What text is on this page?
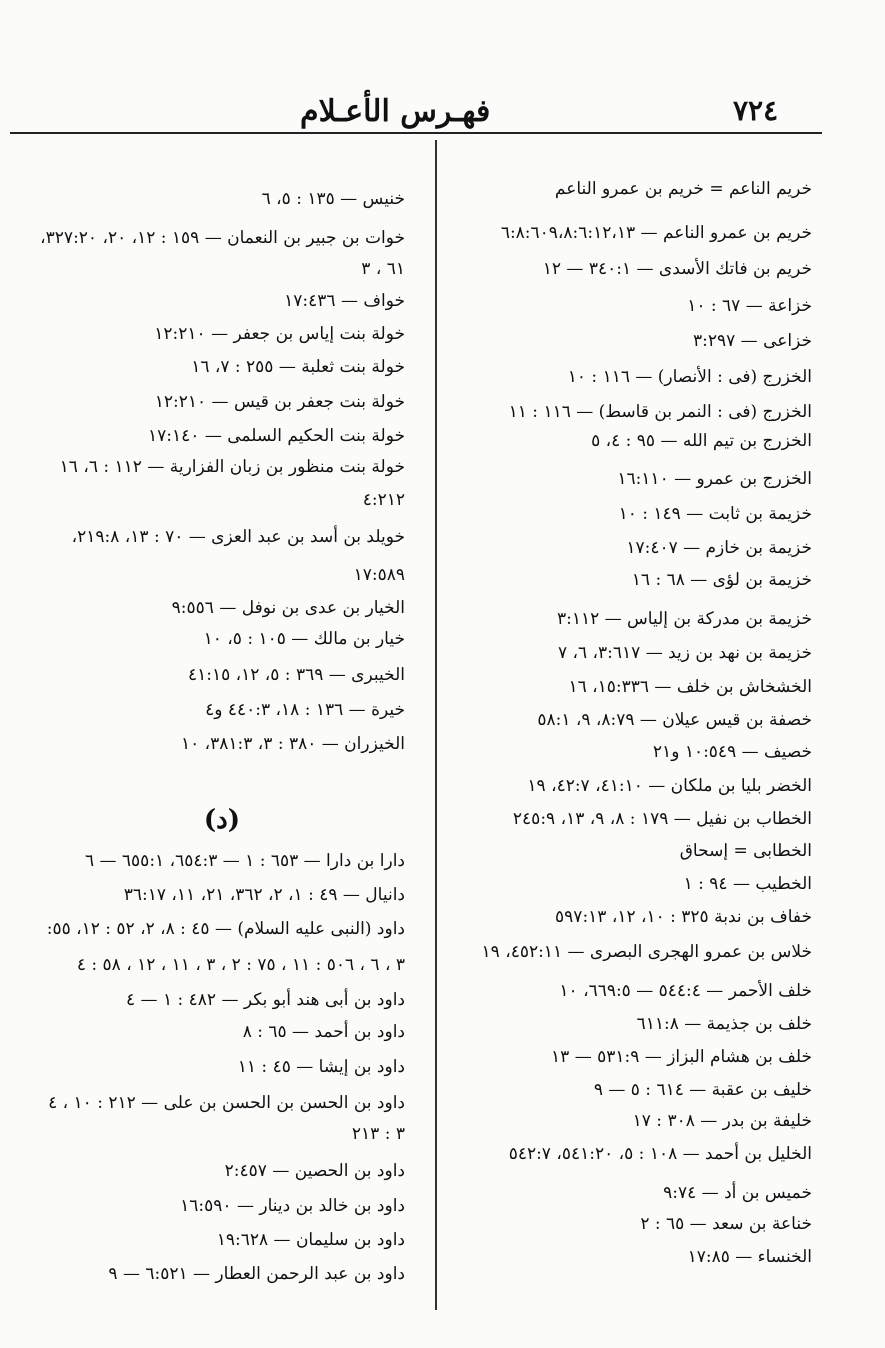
٧٢٤
فهـرس الأعـلام
خريم الناعم = خريم بن عمرو الناعم
خريم بن عمرو الناعم — ٦:٨:٦٠٩،٨:٦:١٢،١٣
خريم بن فاتك الأسدى — ٣٤٠:١ — ١٢
خزاعة — ٦٧ : ١٠
خزاعى — ٣:٢٩٧
الخزرج (فى : الأنصار) — ١١٦ : ١٠
الخزرج (فى : النمر بن قاسط) — ١١٦ : ١١
الخزرج بن تيم الله — ٩٥ : ٤، ٥
الخزرج بن عمرو — ١٦:١١٠
خزيمة بن ثابت — ١٤٩ : ١٠
خزيمة بن خازم — ١٧:٤٠٧
خزيمة بن لؤى — ٦٨ : ١٦
خزيمة بن مدركة بن إلياس — ٣:١١٢
خزيمة بن نهد بن زيد — ٣:٦١٧، ٦، ٧
الخشخاش بن خلف — ١٥:٣٣٦، ١٦
خصفة بن قيس عيلان — ٨:٧٩، ٩، ٥٨:١
خصيف — ١٠:٥٤٩ و٢١
الخضر بليا بن ملكان — ٤١:١٠، ٤٢:٧، ١٩
الخطاب بن نفيل — ١٧٩ : ٨، ٩، ١٣، ٢٤٥:٩
الخطابى = إسحاق
الخطيب — ٩٤ : ١
خفاف بن ندبة ٣٢٥ : ١٠، ١٢، ٥٩٧:١٣
خلاس بن عمرو الهجرى البصرى — ٤٥٢:١١، ١٩
خلف الأحمر — ٥٤٤:٤ — ٦٦٩:٥، ١٠
خلف بن جذيمة — ٦١١:٨
خلف بن هشام البزاز — ٥٣١:٩ — ١٣
خليف بن عقبة — ٦١٤ : ٥ — ٩
خليفة بن بدر — ٣٠٨ : ١٧
الخليل بن أحمد — ١٠٨ : ٥، ٥٤١:٢٠، ٥٤٢:٧
خميس بن أد — ٩:٧٤
خناعة بن سعد — ٦٥ : ٢
الخنساء — ١٧:٨٥
خنيس — ١٣٥ : ٥، ٦
خوات بن جبير بن النعمان — ١٥٩ : ١٢، ٢٠، ٣٢٧:٢٠،
٦١ ، ٣
خواف — ١٧:٤٣٦
خولة بنت إياس بن جعفر — ١٢:٢١٠
خولة بنت ثعلبة — ٢٥٥ : ٧، ١٦
خولة بنت جعفر بن قيس — ١٢:٢١٠
خولة بنت الحكيم السلمى — ١٧:١٤٠
خولة بنت منظور بن زبان الفزارية — ١١٢ : ٦، ١٦
٤:٢١٢
خويلد بن أسد بن عبد العزى — ٧٠ : ١٣، ٢١٩:٨،
١٧:٥٨٩
الخيار بن عدى بن نوفل — ٩:٥٥٦
خيار بن مالك — ١٠٥ : ٥، ١٠
الخيبرى — ٣٦٩ : ٥، ١٢، ٤١:١٥
خيرة — ١٣٦ : ١٨، ٤٤٠:٣ و٤
الخيزران — ٣٨٠ : ٣، ٣٨١:٣، ١٠
(د)
دارا بن دارا — ٦٥٣ : ١ — ٦٥٤:٣، ٦٥٥:١ — ٦
دانيال — ٤٩ : ١، ٢، ٣٦٢، ٢١، ١١، ٣٦:١٧
داود (النبى عليه السلام) — ٤٥ : ٨، ٢، ٥٢ : ١٢، ٥٥:
٣ ، ٦ ، ٥٠٦ : ١١ ، ٧٥ : ٢ ، ٣ ، ١١ ، ١٢ ، ٥٨ : ٤
داود بن أبى هند أبو بكر — ٤٨٢ : ١ — ٤
داود بن أحمد — ٦٥ : ٨
داود بن إيشا — ٤٥ : ١١
داود بن الحسن بن الحسن بن على — ٢١٢ : ١٠ ، ٤
٣ : ٢١٣
داود بن الحصين — ٢:٤٥٧
داود بن خالد بن دينار — ١٦:٥٩٠
داود بن سليمان — ١٩:٦٢٨
داود بن عبد الرحمن العطار — ٦:٥٢١ — ٩
